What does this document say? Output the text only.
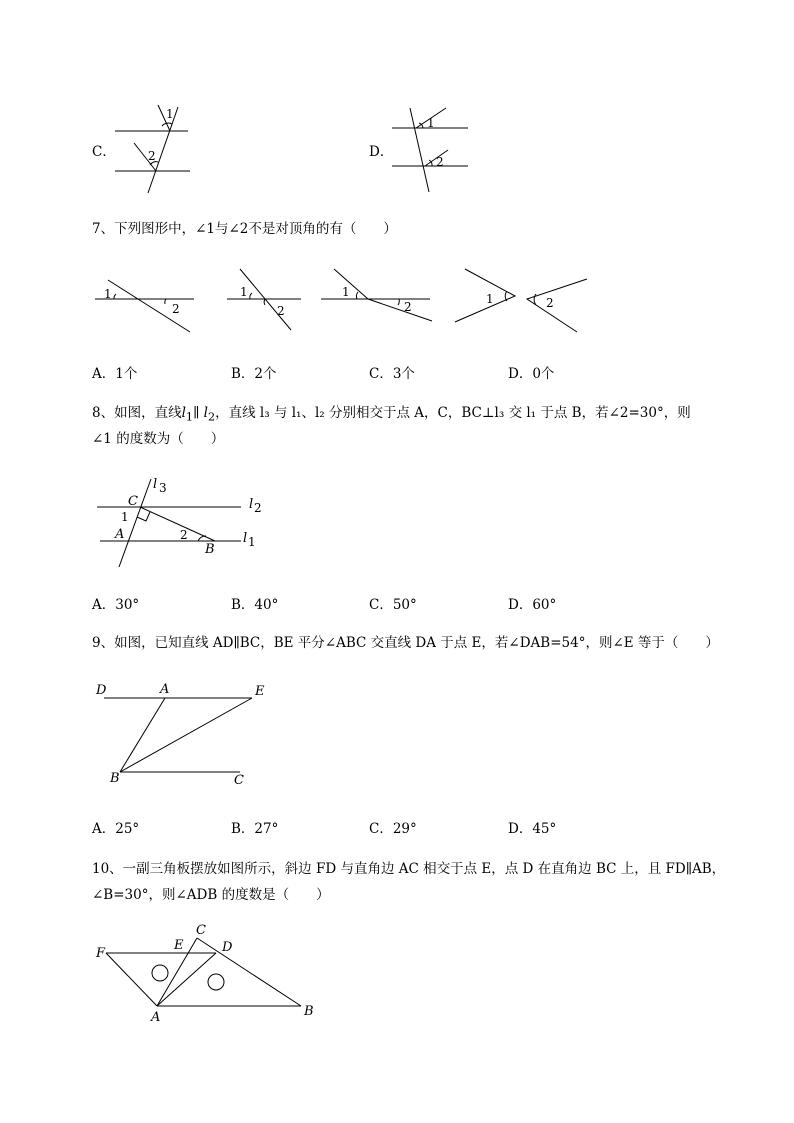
C．
1
2	D．
1
2
7、下列图形中，∠1与∠2不是对顶角的有（　　）
1
2
1
2
1
2
1	2
A．1个	B．2个	C．3个	D．0个
8、如图，直线$l_1\parallel$ $l_2$，直线 l₃ 与 l₁、l₂ 分别相交于点 A，C，BC⊥l₃ 交 l₁ 于点 B，若∠2=30°，则
∠1 的度数为（　　）
l 3
l 2
l 1
C
A
B
1
2
A．30°	B．40°	C．50°	D．60°
9、如图，已知直线 AD∥BC，BE 平分∠ABC 交直线 DA 于点 E，若∠DAB=54°，则∠E 等于（　　）
D	A	E
B	C
A．25°	B．27°	C．29°	D．45°
10、一副三角板摆放如图所示，斜边 FD 与直角边 AC 相交于点 E，点 D 在直角边 BC 上，且 FD∥AB，
∠B=30°，则∠ADB 的度数是（　　）
F
E
C
D
A	B
